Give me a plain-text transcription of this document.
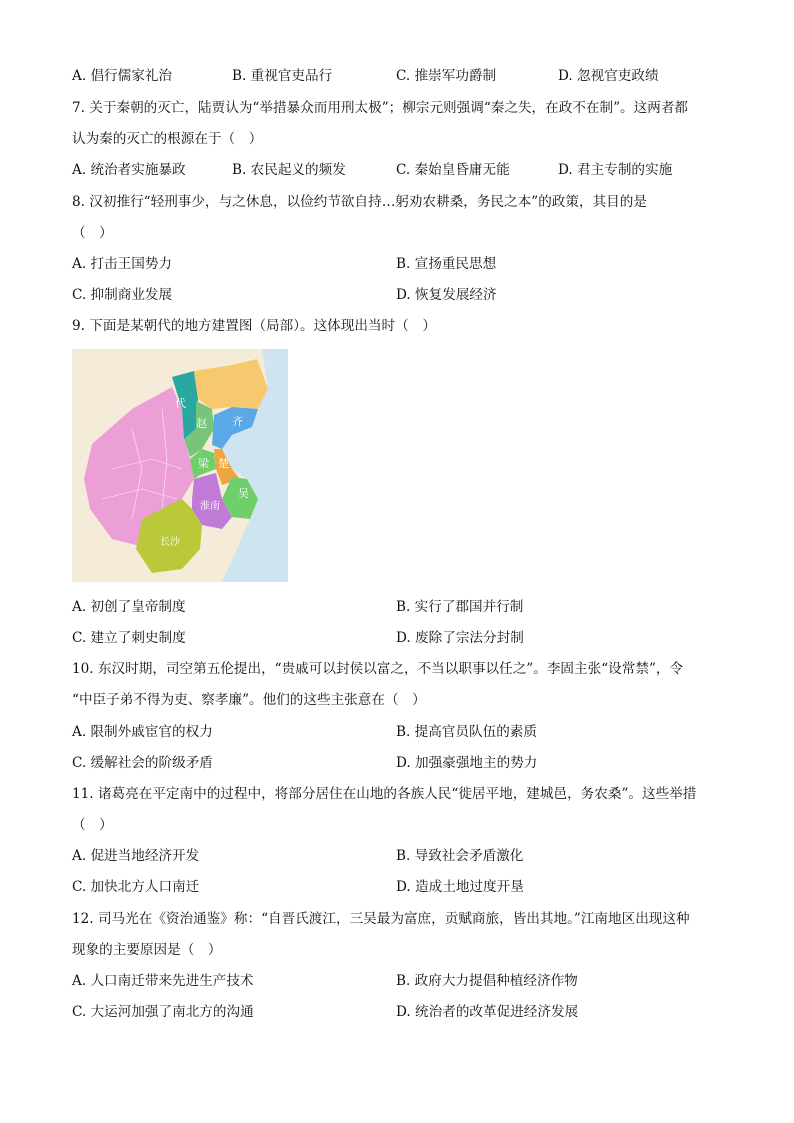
A. 倡行儒家礼治	B. 重视官吏品行	C. 推崇军功爵制	D. 忽视官吏政绩
7. 关于秦朝的灭亡，陆贾认为“举措暴众而用刑太极”；柳宗元则强调“秦之失，在政不在制”。这两者都
认为秦的灭亡的根源在于（　）
A. 统治者实施暴政	B. 农民起义的频发	C. 秦始皇昏庸无能	D. 君主专制的实施
8. 汉初推行“轻刑事少，与之休息，以俭约节欲自持…躬劝农耕桑，务民之本”的政策，其目的是
（　）
A. 打击王国势力	B. 宣扬重民思想
C. 抑制商业发展	D. 恢复发展经济
9. 下面是某朝代的地方建置图（局部）。这体现出当时（　）
代
赵 齐
梁 楚
吴
淮南
长沙
A. 初创了皇帝制度	B. 实行了郡国并行制
C. 建立了刺史制度	D. 废除了宗法分封制
10. 东汉时期，司空第五伦提出，“贵戚可以封侯以富之，不当以职事以任之”。李固主张“设常禁”，令
“中臣子弟不得为吏、察孝廉”。他们的这些主张意在（　）
A. 限制外戚宦官的权力	B. 提高官员队伍的素质
C. 缓解社会的阶级矛盾	D. 加强豪强地主的势力
11. 诸葛亮在平定南中的过程中，将部分居住在山地的各族人民“徙居平地，建城邑，务农桑”。这些举措
（　）
A. 促进当地经济开发	B. 导致社会矛盾激化
C. 加快北方人口南迁	D. 造成土地过度开垦
12. 司马光在《资治通鉴》称：“自晋氏渡江，三吴最为富庶，贡赋商旅，皆出其地。”江南地区出现这种
现象的主要原因是（　）
A. 人口南迁带来先进生产技术	B. 政府大力提倡种植经济作物
C. 大运河加强了南北方的沟通	D. 统治者的改革促进经济发展
